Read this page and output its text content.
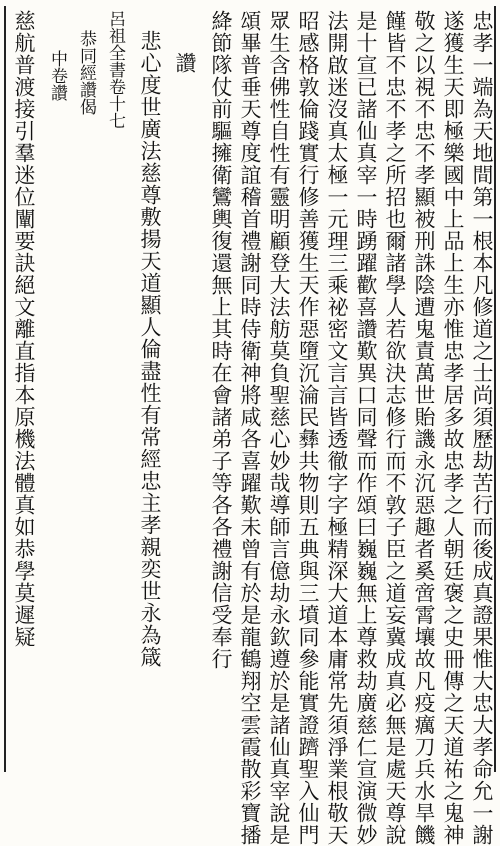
忠孝一端為天地間第一根本凡修道之士尚須歷劫苦行而後成真證果惟大忠大孝命允一謝
遂獲生天即極樂國中上品上生亦惟忠孝居多故忠孝之人朝廷褒之史冊傳之天道祐之鬼神
敬之以視不忠不孝顯被刑誅陰遭鬼責萬世貽譏永沉惡趣者奚啻霄壤故凡疫癘刀兵水旱饑
饉皆不忠不孝之所招也爾諸學人若欲決志修行而不敦子臣之道妄冀成真必無是處天尊說
是十宣已諸仙真宰一時踴躍歡喜讚歎異口同聲而作頌曰巍巍無上尊救劫廣慈仁宣演微妙
法開啟迷沒真太極一元理三乘祕密文言言皆透徹字字極精深大道本庸常先須淨業根敬天
昭感格敦倫踐實行修善獲生天作惡墮沉淪民彝共物則五典與三墳同參能實證躋聖入仙門
眾生含佛性自性有靈明顧登大法舫莫負聖慈心妙哉導師言億劫永欽遵於是諸仙真宰說是
頌畢普垂天尊度誼稽首禮謝同時侍衛神將咸各喜躍歎未曾有於是龍鶴翔空雲霞散彩寶播
絳節隊仗前驅擁衛鸞輿復還無上其時在會諸弟子等各各禮謝信受奉行
讚
悲心度世廣法慈尊敷揚天道顯人倫盡性有常經忠主孝親奕世永為箴
呂祖全書卷十七
恭同經讚偈
中卷讚
慈航普渡接引羣迷位闡要訣絕文離直指本原機法體真如恭學莫遲疑
